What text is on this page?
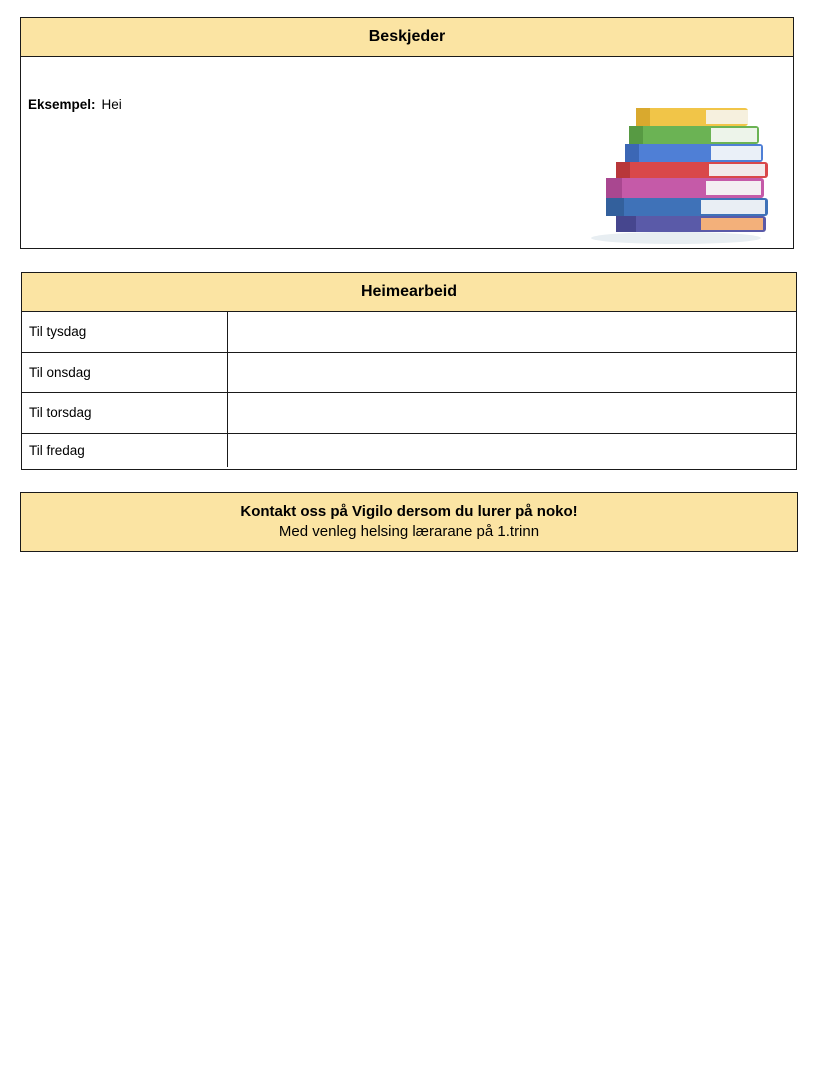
Beskjeder
Eksempel: Hei
Heimearbeid
Til tysdag	
Til onsdag	
Til torsdag	
Til fredag	
Kontakt oss på Vigilo dersom du lurer på noko!
Med venleg helsing lærarane på 1.trinn
